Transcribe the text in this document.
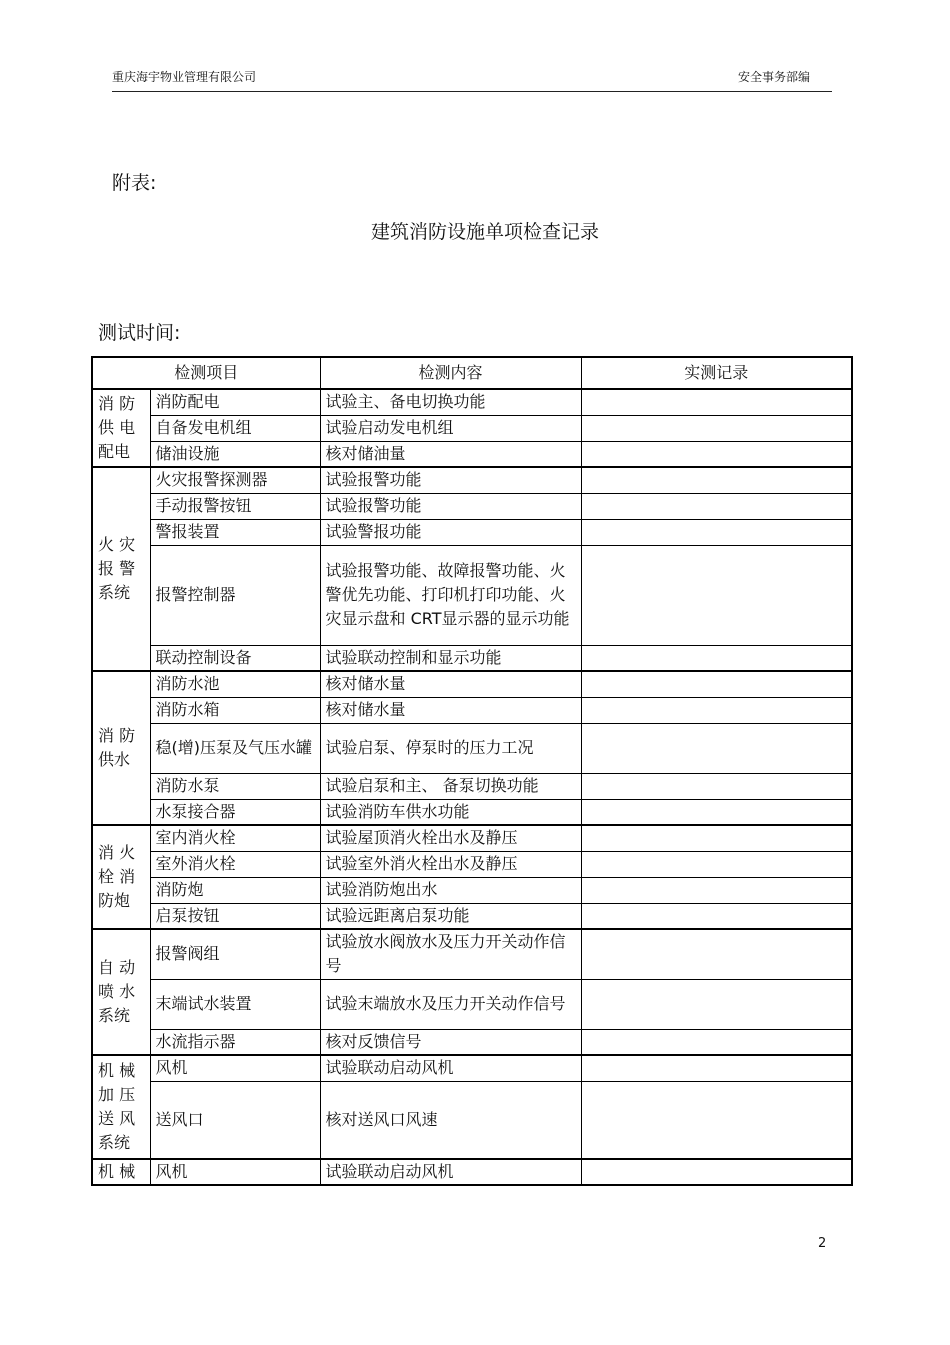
重庆海宇物业管理有限公司	安全事务部编
附表:
建筑消防设施单项检查记录
测试时间:
检测项目		检测内容	实测记录

消 防
供 电
配电	消防配电	试验主、备电切换功能	
	自备发电机组	试验启动发电机组	
	储油设施	核对储油量	

火 灾
报 警
系统	火灾报警探测器	试验报警功能	
	手动报警按钮	试验报警功能	
	警报装置	试验警报功能	
	报警控制器	试验报警功能、故障报警功能、火警优先功能、打印机打印功能、火灾显示盘和 CRT显示器的显示功能	
	联动控制设备	试验联动控制和显示功能	

消 防
供水	消防水池	核对储水量	
	消防水箱	核对储水量	
	稳(增)压泵及气压水罐	试验启泵、停泵时的压力工况	
	消防水泵	试验启泵和主、 备泵切换功能	
	水泵接合器	试验消防车供水功能	

消 火
栓 消
防炮	室内消火栓	试验屋顶消火栓出水及静压	
	室外消火栓	试验室外消火栓出水及静压	
	消防炮	试验消防炮出水	
	启泵按钮	试验远距离启泵功能	

自 动
喷 水
系统	报警阀组	试验放水阀放水及压力开关动作信号	
	末端试水装置	试验末端放水及压力开关动作信号	
	水流指示器	核对反馈信号	

机 械
加 压
送 风
系统	风机	试验联动启动风机	
	送风口	核对送风口风速	

机 械	风机	试验联动启动风机	
2
